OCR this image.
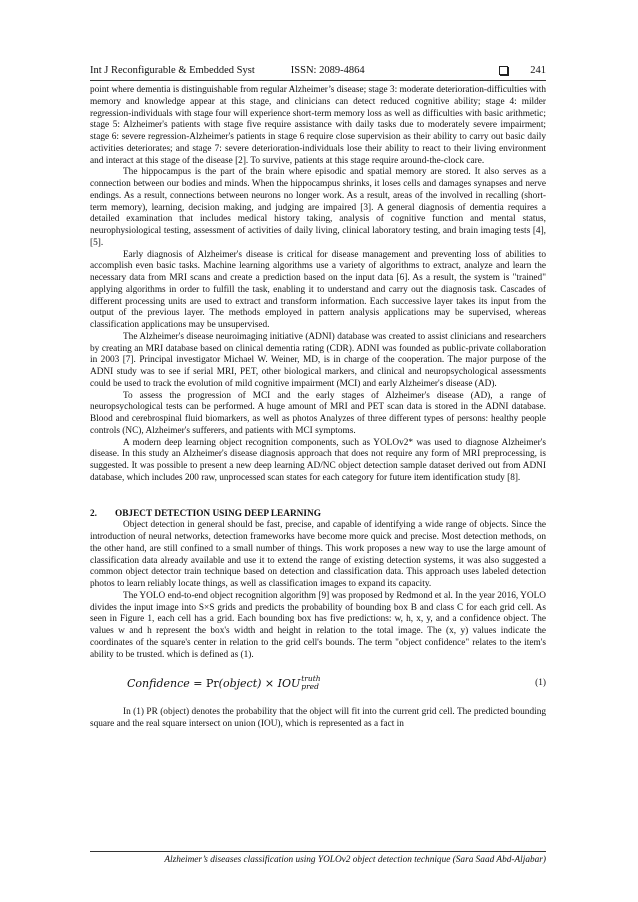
Int J Reconfigurable & Embedded Syst	ISSN: 2089-4864	241

point where dementia is distinguishable from regular Alzheimer’s disease; stage 3: moderate deterioration-difficulties with memory and knowledge appear at this stage, and clinicians can detect reduced cognitive ability; stage 4: milder regression-individuals with stage four will experience short-term memory loss as well as difficulties with basic arithmetic; stage 5: Alzheimer's patients with stage five require assistance with daily tasks due to moderately severe impairment; stage 6: severe regression-Alzheimer's patients in stage 6 require close supervision as their ability to carry out basic daily activities deteriorates; and stage 7: severe deterioration-individuals lose their ability to react to their living environment and interact at this stage of the disease [2]. To survive, patients at this stage require around-the-clock care.

The hippocampus is the part of the brain where episodic and spatial memory are stored. It also serves as a connection between our bodies and minds. When the hippocampus shrinks, it loses cells and damages synapses and nerve endings. As a result, connections between neurons no longer work. As a result, areas of the involved in recalling (short-term memory), learning, decision making, and judging are impaired [3]. A general diagnosis of dementia requires a detailed examination that includes medical history taking, analysis of cognitive function and mental status, neurophysiological testing, assessment of activities of daily living, clinical laboratory testing, and brain imaging tests [4], [5].

Early diagnosis of Alzheimer's disease is critical for disease management and preventing loss of abilities to accomplish even basic tasks. Machine learning algorithms use a variety of algorithms to extract, analyze and learn the necessary data from MRI scans and create a prediction based on the input data [6]. As a result, the system is "trained" applying algorithms in order to fulfill the task, enabling it to understand and carry out the diagnosis task. Cascades of different processing units are used to extract and transform information. Each successive layer takes its input from the output of the previous layer. The methods employed in pattern analysis applications may be supervised, whereas classification applications may be unsupervised.

The Alzheimer's disease neuroimaging initiative (ADNI) database was created to assist clinicians and researchers by creating an MRI database based on clinical dementia rating (CDR). ADNI was founded as public-private collaboration in 2003 [7]. Principal investigator Michael W. Weiner, MD, is in charge of the cooperation. The major purpose of the ADNI study was to see if serial MRI, PET, other biological markers, and clinical and neuropsychological assessments could be used to track the evolution of mild cognitive impairment (MCI) and early Alzheimer's disease (AD).

To assess the progression of MCI and the early stages of Alzheimer's disease (AD), a range of neuropsychological tests can be performed. A huge amount of MRI and PET scan data is stored in the ADNI database. Blood and cerebrospinal fluid biomarkers, as well as photos Analyzes of three different types of persons: healthy people controls (NC), Alzheimer's sufferers, and patients with MCI symptoms.

A modern deep learning object recognition components, such as YOLOv2* was used to diagnose Alzheimer's disease. In this study an Alzheimer's disease diagnosis approach that does not require any form of MRI preprocessing, is suggested. It was possible to present a new deep learning AD/NC object detection sample dataset derived out from ADNI database, which includes 200 raw, unprocessed scan states for each category for future item identification study [8].

2. OBJECT DETECTION USING DEEP LEARNING

Object detection in general should be fast, precise, and capable of identifying a wide range of objects. Since the introduction of neural networks, detection frameworks have become more quick and precise. Most detection methods, on the other hand, are still confined to a small number of things. This work proposes a new way to use the large amount of classification data already available and use it to extend the range of existing detection systems, it was also suggested a common object detector train technique based on detection and classification data. This approach uses labeled detection photos to learn reliably locate things, as well as classification images to expand its capacity.

The YOLO end-to-end object recognition algorithm [9] was proposed by Redmond et al. In the year 2016, YOLO divides the input image into S×S grids and predicts the probability of bounding box B and class C for each grid cell. As seen in Figure 1, each cell has a grid. Each bounding box has five predictions: w, h, x, y, and a confidence object. The values w and h represent the box's width and height in relation to the total image. The (x, y) values indicate the coordinates of the square's center in relation to the grid cell's bounds. The term "object confidence" relates to the item's ability to be trusted. which is defined as (1).

Confidence = Pr(object) × IOU truth
pred	(1)

In (1) PR (object) denotes the probability that the object will fit into the current grid cell. The predicted bounding square and the real square intersect on union (IOU), which is represented as a fact in

Alzheimer’s diseases classification using YOLOv2 object detection technique (Sara Saad Abd-Aljabar)
